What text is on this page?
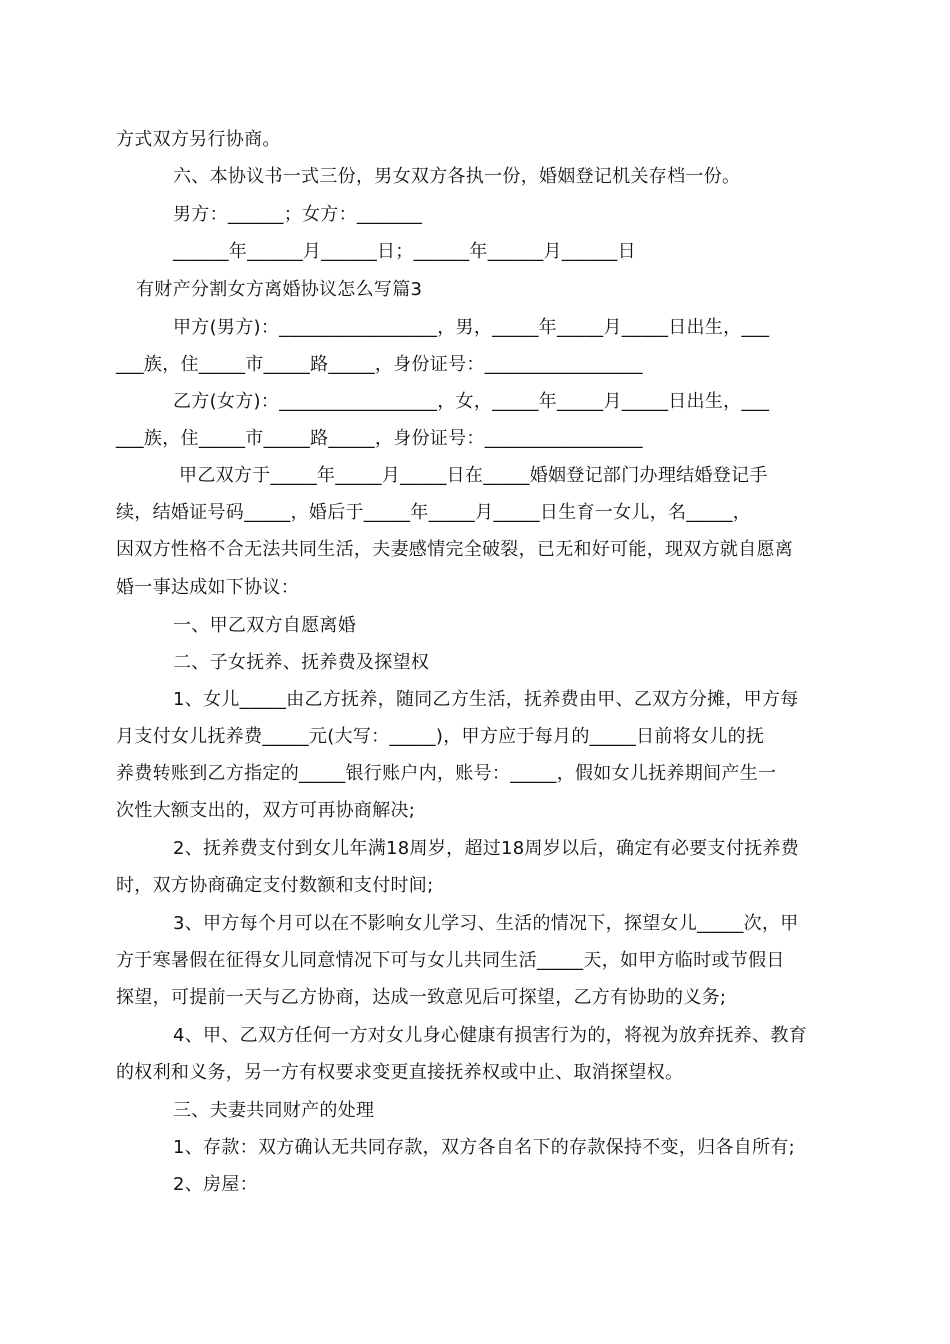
方式双方另行协商。
六、本协议书一式三份，男女双方各执一份，婚姻登记机关存档一份。
男方：______；女方：_______
______年______月______日；______年______月______日
有财产分割女方离婚协议怎么写篇3
甲方(男方)：_________________，男，_____年_____月_____日出生，___
___族，住_____市_____路_____，身份证号：_________________
乙方(女方)：_________________，女，_____年_____月_____日出生，___
___族，住_____市_____路_____，身份证号：_________________
甲乙双方于_____年_____月_____日在_____婚姻登记部门办理结婚登记手
续，结婚证号码_____，婚后于_____年_____月_____日生育一女儿，名_____，
因双方性格不合无法共同生活，夫妻感情完全破裂，已无和好可能，现双方就自愿离
婚一事达成如下协议：
一、甲乙双方自愿离婚
二、子女抚养、抚养费及探望权
1、女儿_____由乙方抚养，随同乙方生活，抚养费由甲、乙双方分摊，甲方每
月支付女儿抚养费_____元(大写：_____)，甲方应于每月的_____日前将女儿的抚
养费转账到乙方指定的_____银行账户内，账号：_____，假如女儿抚养期间产生一
次性大额支出的，双方可再协商解决;
2、抚养费支付到女儿年满18周岁，超过18周岁以后，确定有必要支付抚养费
时，双方协商确定支付数额和支付时间;
3、甲方每个月可以在不影响女儿学习、生活的情况下，探望女儿_____次，甲
方于寒暑假在征得女儿同意情况下可与女儿共同生活_____天，如甲方临时或节假日
探望，可提前一天与乙方协商，达成一致意见后可探望，乙方有协助的义务;
4、甲、乙双方任何一方对女儿身心健康有损害行为的，将视为放弃抚养、教育
的权利和义务，另一方有权要求变更直接抚养权或中止、取消探望权。
三、夫妻共同财产的处理
1、存款：双方确认无共同存款，双方各自名下的存款保持不变，归各自所有;
2、房屋：
